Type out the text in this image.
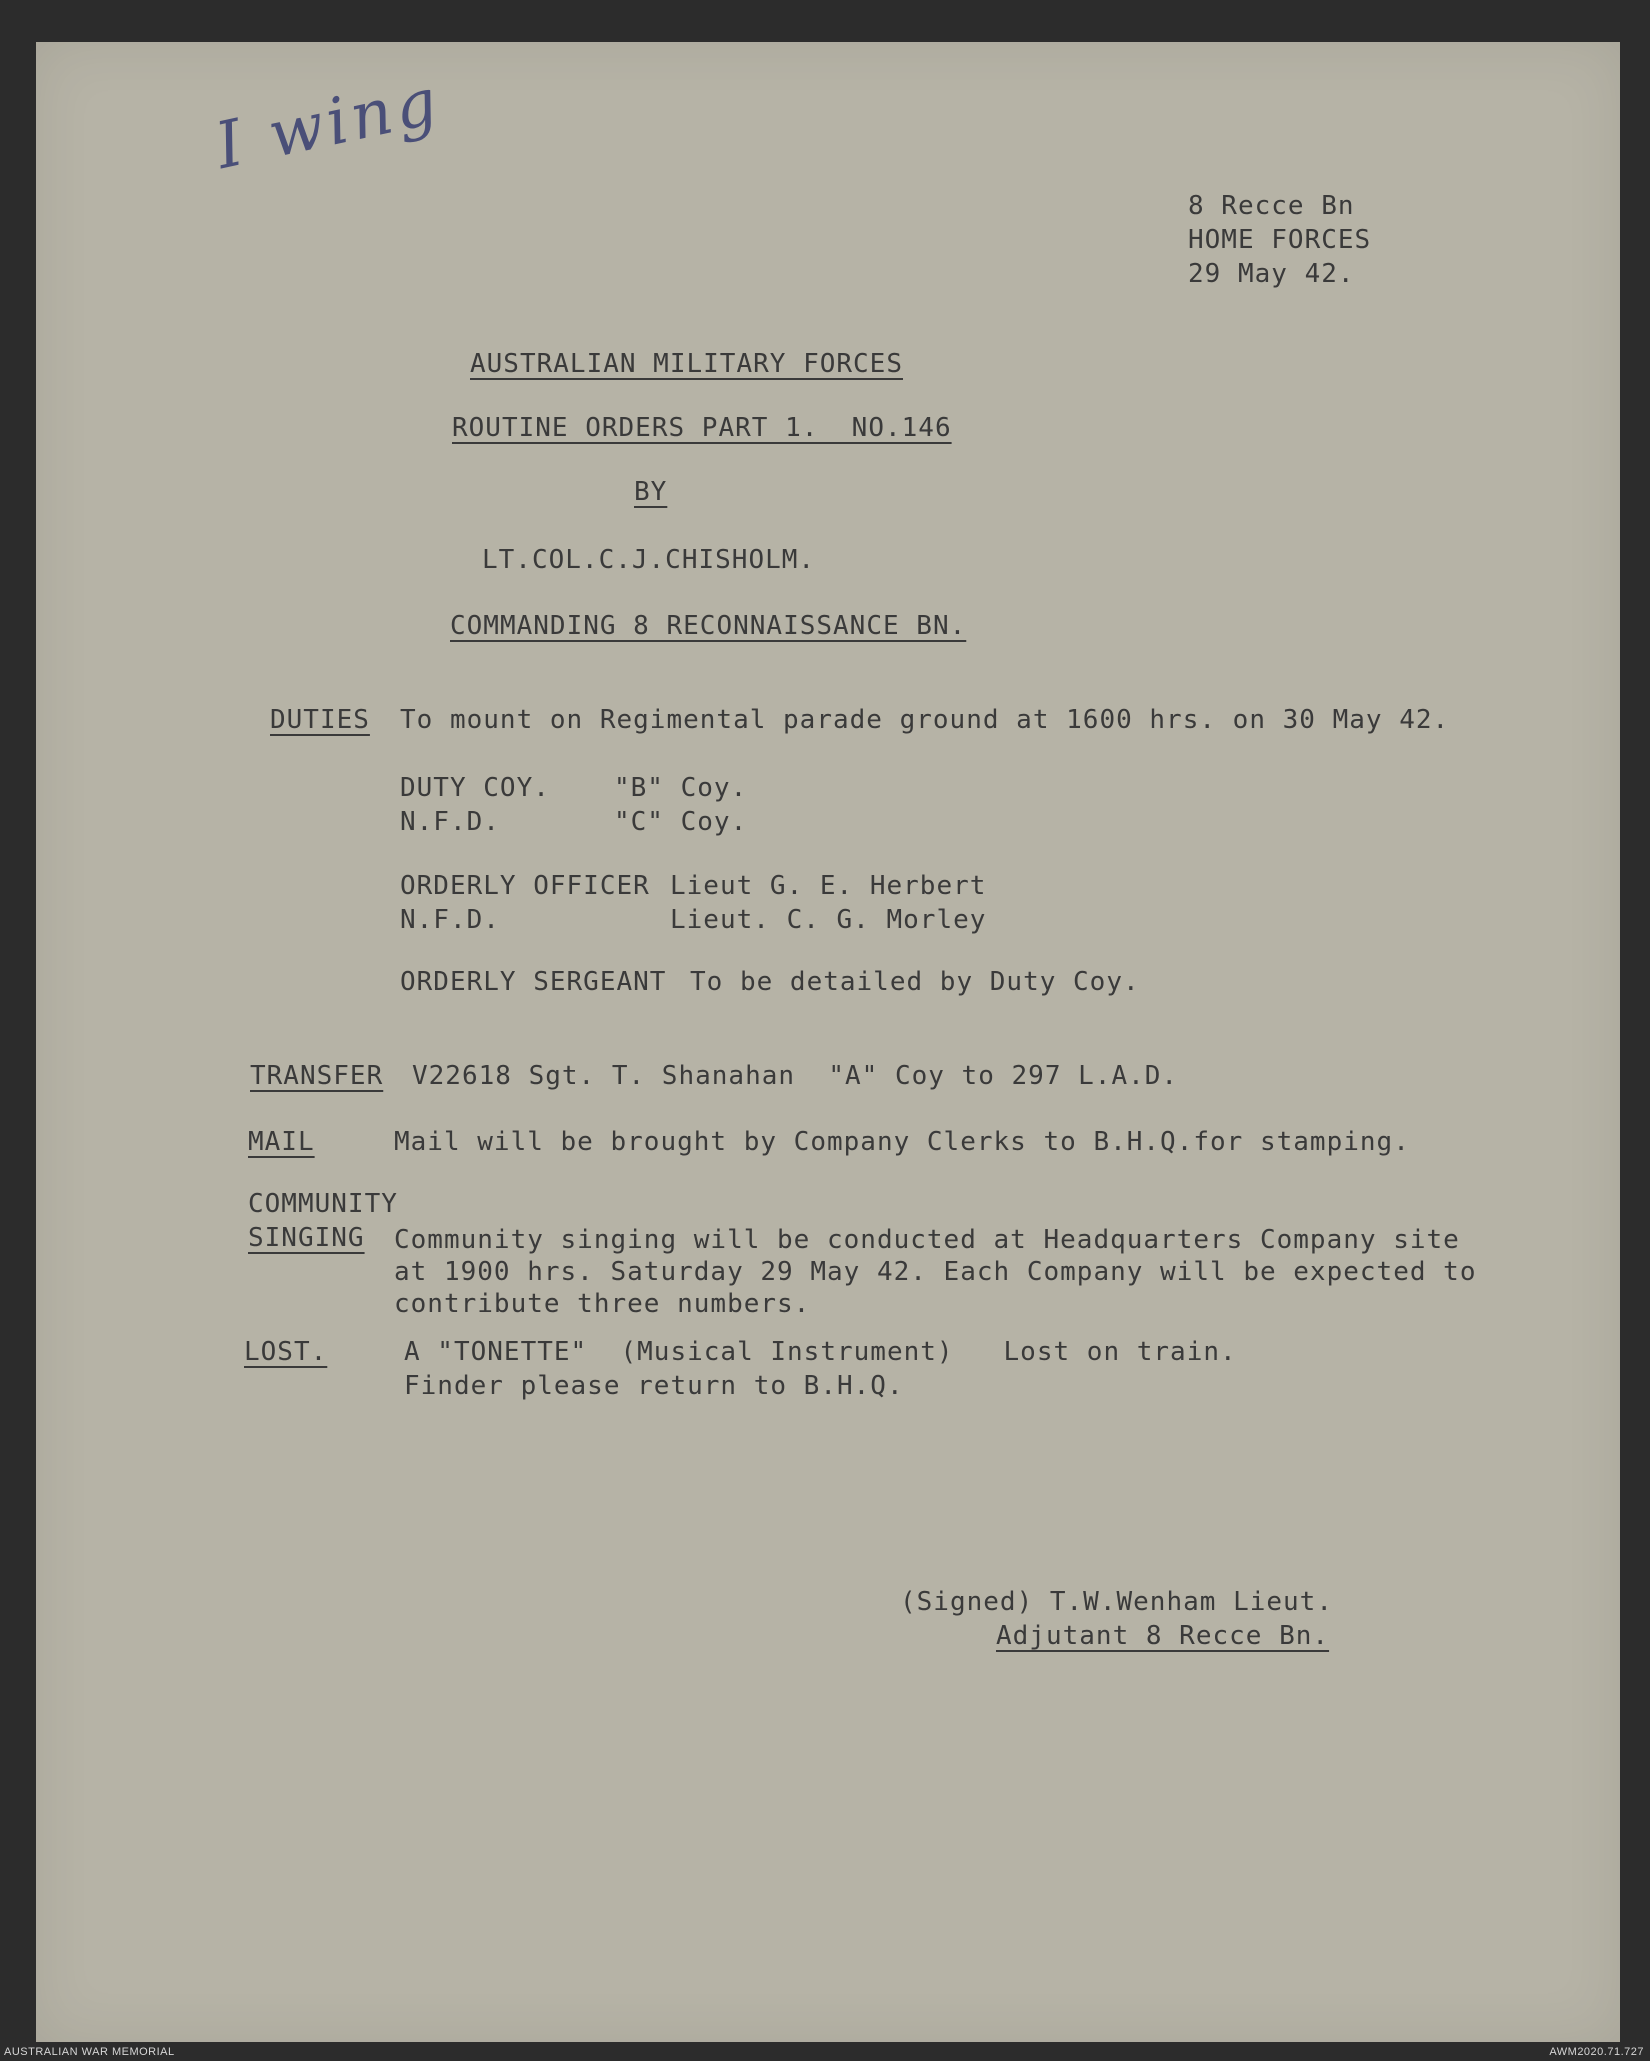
I wing
8 Recce Bn
HOME FORCES
29 May 42.
AUSTRALIAN MILITARY FORCES
ROUTINE ORDERS PART 1.  NO.146
BY
LT.COL.C.J.CHISHOLM.
COMMANDING 8 RECONNAISSANCE BN.
DUTIES To mount on Regimental parade ground at 1600 hrs. on 30 May 42.
DUTY COY. "B" Coy.
N.F.D.	"C" Coy.
ORDERLY OFFICER Lieut G. E. Herbert
N.F.D.	Lieut. C. G. Morley
ORDERLY SERGEANT To be detailed by Duty Coy.
TRANSFER V22618 Sgt. T. Shanahan  "A" Coy to 297 L.A.D.
MAIL	Mail will be brought by Company Clerks to B.H.Q.for stamping.
COMMUNITY
SINGING Community singing will be conducted at Headquarters Company site
at 1900 hrs. Saturday 29 May 42. Each Company will be expected to
contribute three numbers.
LOST.	A "TONETTE"  (Musical Instrument)   Lost on train.
Finder please return to B.H.Q.
(Signed) T.W.Wenham Lieut.
Adjutant 8 Recce Bn.
AUSTRALIAN WAR MEMORIAL	AWM2020.71.727
